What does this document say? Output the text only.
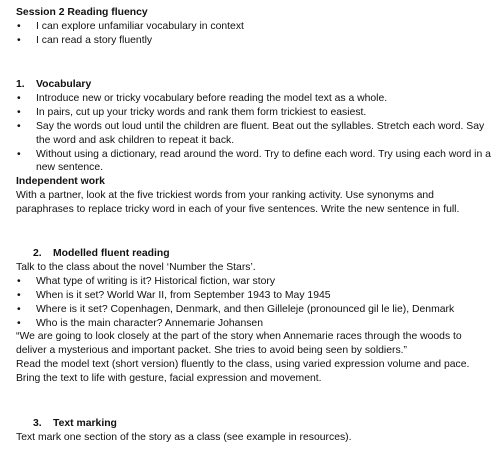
Session 2 Reading fluency

• I can explore unfamiliar vocabulary in context
• I can read a story fluently

1. Vocabulary

• Introduce new or tricky vocabulary before reading the model text as a whole.
• In pairs, cut up your tricky words and rank them form trickiest to easiest.
• Say the words out loud until the children are fluent. Beat out the syllables. Stretch each word. Say the word and ask children to repeat it back.
• Without using a dictionary, read around the word. Try to define each word. Try using each word in a new sentence.

Independent work

With a partner, look at the five trickiest words from your ranking activity. Use synonyms and paraphrases to replace tricky word in each of your five sentences. Write the new sentence in full.

2. Modelled fluent reading

Talk to the class about the novel ‘Number the Stars’.

• What type of writing is it? Historical fiction, war story
• When is it set? World War II, from September 1943 to May 1945
• Where is it set? Copenhagen, Denmark, and then Gilleleje (pronounced gil le lie), Denmark
• Who is the main character? Annemarie Johansen

“We are going to look closely at the part of the story when Annemarie races through the woods to deliver a mysterious and important packet. She tries to avoid being seen by soldiers.”

Read the model text (short version) fluently to the class, using varied expression volume and pace. Bring the text to life with gesture, facial expression and movement.

3. Text marking

Text mark one section of the story as a class (see example in resources).
